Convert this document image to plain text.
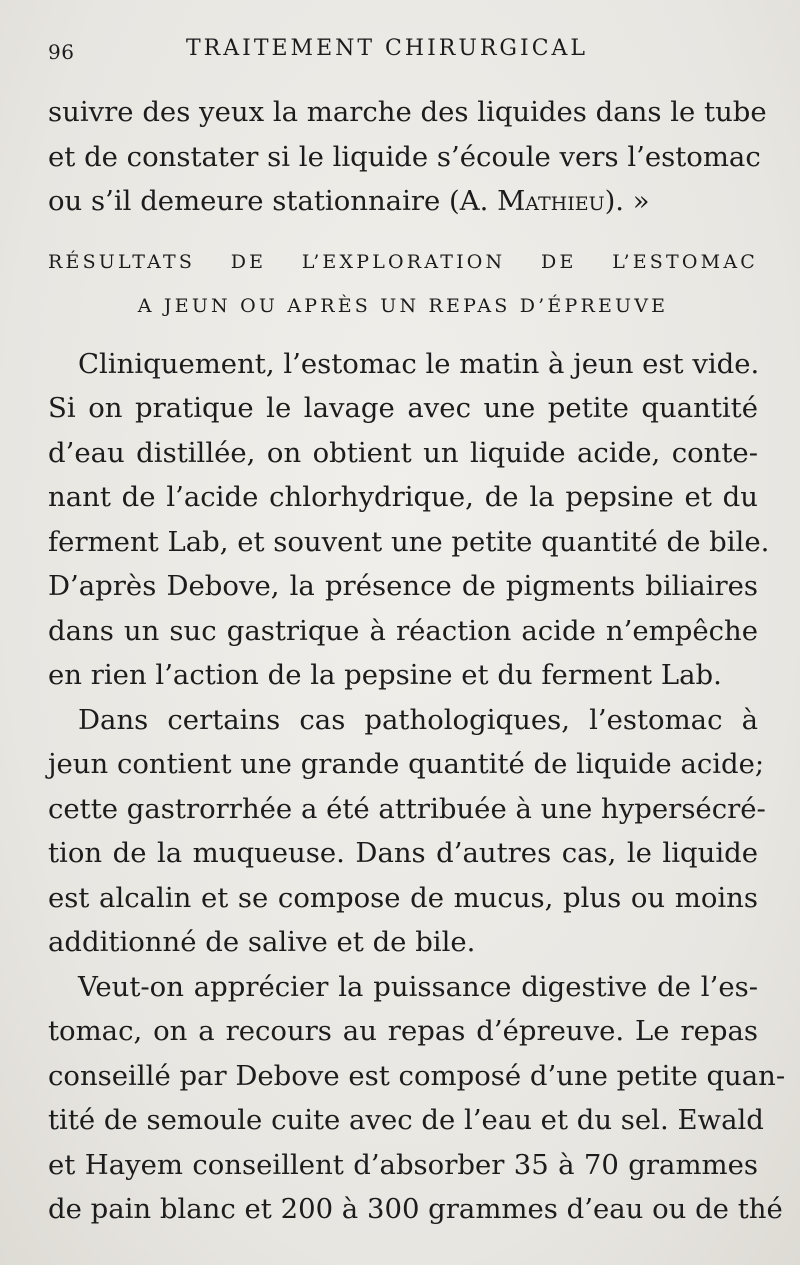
96	TRAITEMENT CHIRURGICAL
suivre des yeux la marche des liquides dans le tube
et de constater si le liquide s’écoule vers l’estomac
ou s’il demeure stationnaire (A. Mathieu). »
RÉSULTATS DE L’EXPLORATION DE L’ESTOMAC
A JEUN OU APRÈS UN REPAS D’ÉPREUVE
Cliniquement, l’estomac le matin à jeun est vide.
Si on pratique le lavage avec une petite quantité
d’eau distillée, on obtient un liquide acide, conte-
nant de l’acide chlorhydrique, de la pepsine et du
ferment Lab, et souvent une petite quantité de bile.
D’après Debove, la présence de pigments biliaires
dans un suc gastrique à réaction acide n’empêche
en rien l’action de la pepsine et du ferment Lab.
Dans certains cas pathologiques, l’estomac à
jeun contient une grande quantité de liquide acide;
cette gastrorrhée a été attribuée à une hypersécré-
tion de la muqueuse. Dans d’autres cas, le liquide
est alcalin et se compose de mucus, plus ou moins
additionné de salive et de bile.
Veut-on apprécier la puissance digestive de l’es-
tomac, on a recours au repas d’épreuve. Le repas
conseillé par Debove est composé d’une petite quan-
tité de semoule cuite avec de l’eau et du sel. Ewald
et Hayem conseillent d’absorber 35 à 70 grammes
de pain blanc et 200 à 300 grammes d’eau ou de thé
